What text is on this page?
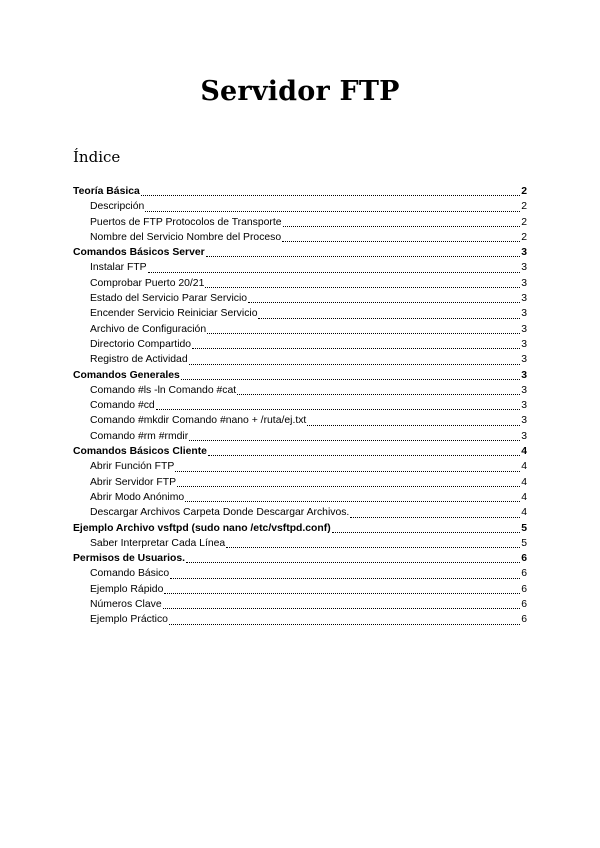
Servidor FTP
Índice
Teoría Básica	2
Descripción	2
Puertos de FTP Protocolos de Transporte	2
Nombre del Servicio Nombre del Proceso	2
Comandos Básicos Server	3
Instalar FTP	3
Comprobar Puerto 20/21	3
Estado del Servicio Parar Servicio	3
Encender Servicio Reiniciar Servicio	3
Archivo de Configuración	3
Directorio Compartido	3
Registro de Actividad	3
Comandos Generales	3
Comando #ls -ln Comando #cat	3
Comando #cd	3
Comando #mkdir Comando #nano + /ruta/ej.txt	3
Comando #rm #rmdir	3
Comandos Básicos Cliente	4
Abrir Función FTP	4
Abrir Servidor FTP	4
Abrir Modo Anónimo	4
Descargar Archivos Carpeta Donde Descargar Archivos.	4
Ejemplo Archivo vsftpd (sudo nano /etc/vsftpd.conf)	5
Saber Interpretar Cada Línea	5
Permisos de Usuarios.	6
Comando Básico	6
Ejemplo Rápido	6
Números Clave	6
Ejemplo Práctico	6
